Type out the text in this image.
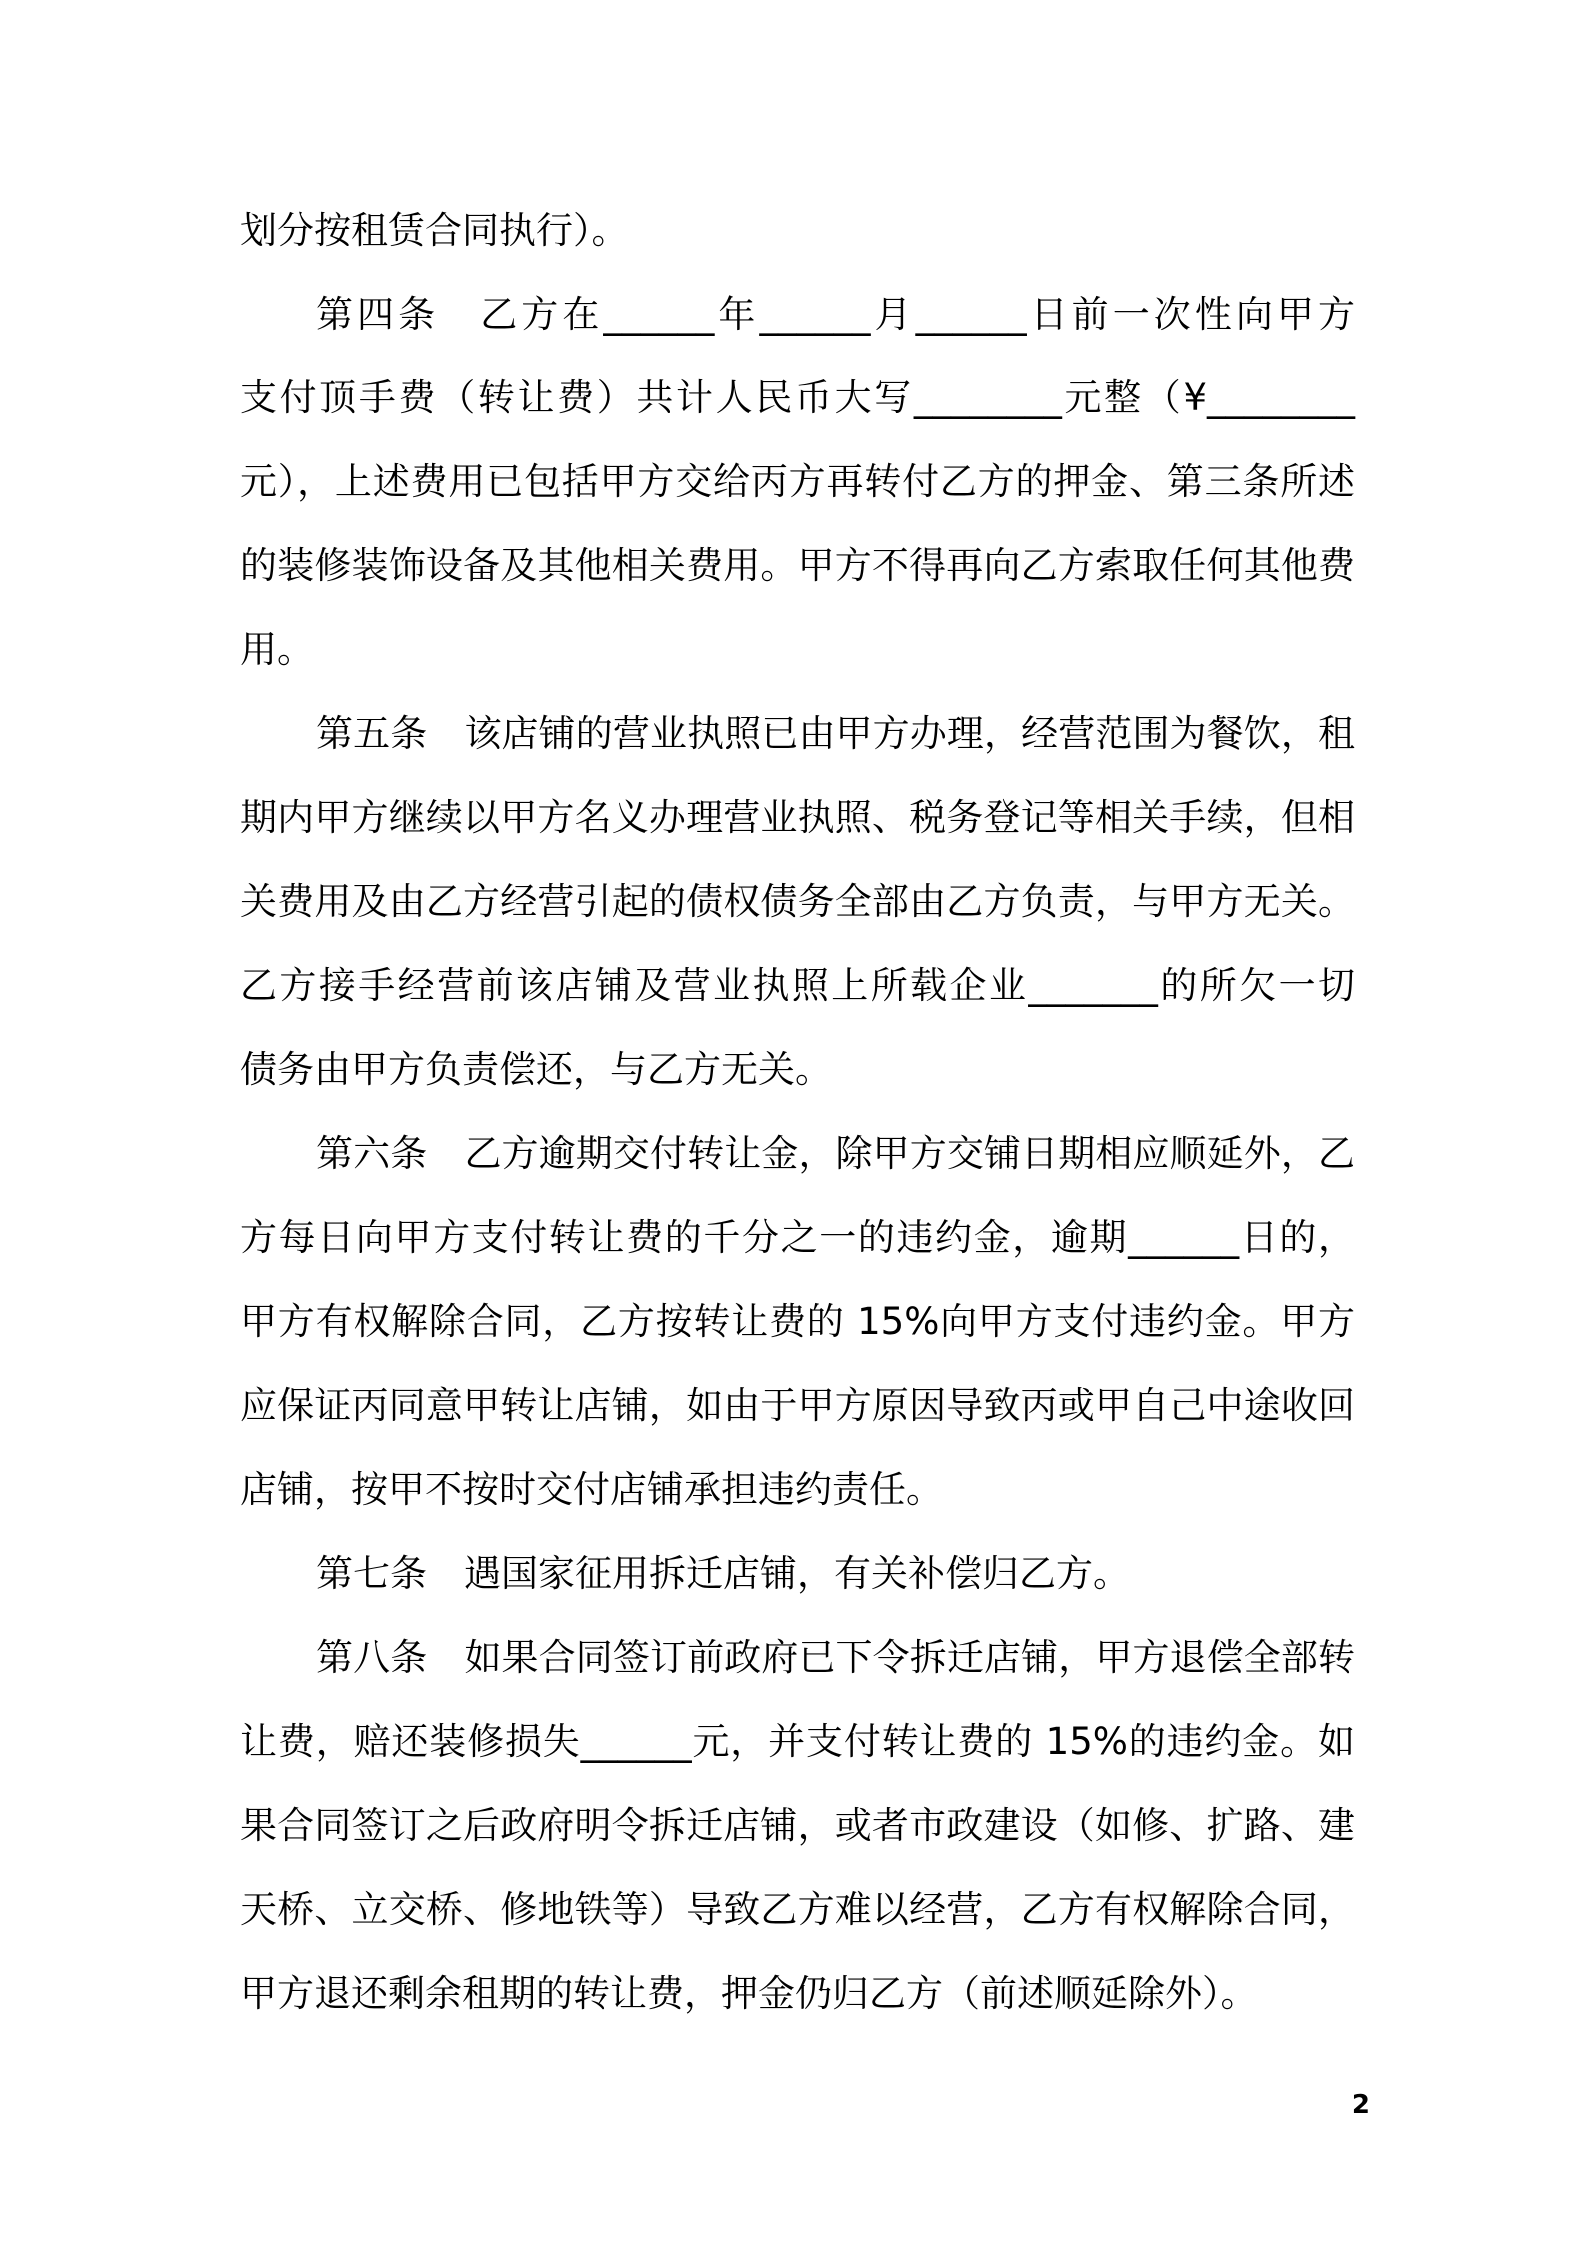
划分按租赁合同执行）。
第四条　乙方在______年______月______日前一次性向甲方
支付顶手费（转让费）共计人民币大写________元整（¥________
元），上述费用已包括甲方交给丙方再转付乙方的押金、第三条所述
的装修装饰设备及其他相关费用。甲方不得再向乙方索取任何其他费
用。
第五条　该店铺的营业执照已由甲方办理，经营范围为餐饮，租
期内甲方继续以甲方名义办理营业执照、税务登记等相关手续，但相
关费用及由乙方经营引起的债权债务全部由乙方负责，与甲方无关。
乙方接手经营前该店铺及营业执照上所载企业_______的所欠一切
债务由甲方负责偿还，与乙方无关。
第六条　乙方逾期交付转让金，除甲方交铺日期相应顺延外，乙
方每日向甲方支付转让费的千分之一的违约金，逾期______日的，
甲方有权解除合同，乙方按转让费的 15%向甲方支付违约金。甲方
应保证丙同意甲转让店铺，如由于甲方原因导致丙或甲自己中途收回
店铺，按甲不按时交付店铺承担违约责任。
第七条　遇国家征用拆迁店铺，有关补偿归乙方。
第八条　如果合同签订前政府已下令拆迁店铺，甲方退偿全部转
让费，赔还装修损失______元，并支付转让费的 15%的违约金。如
果合同签订之后政府明令拆迁店铺，或者市政建设（如修、扩路、建
天桥、立交桥、修地铁等）导致乙方难以经营，乙方有权解除合同，
甲方退还剩余租期的转让费，押金仍归乙方（前述顺延除外）。
2
